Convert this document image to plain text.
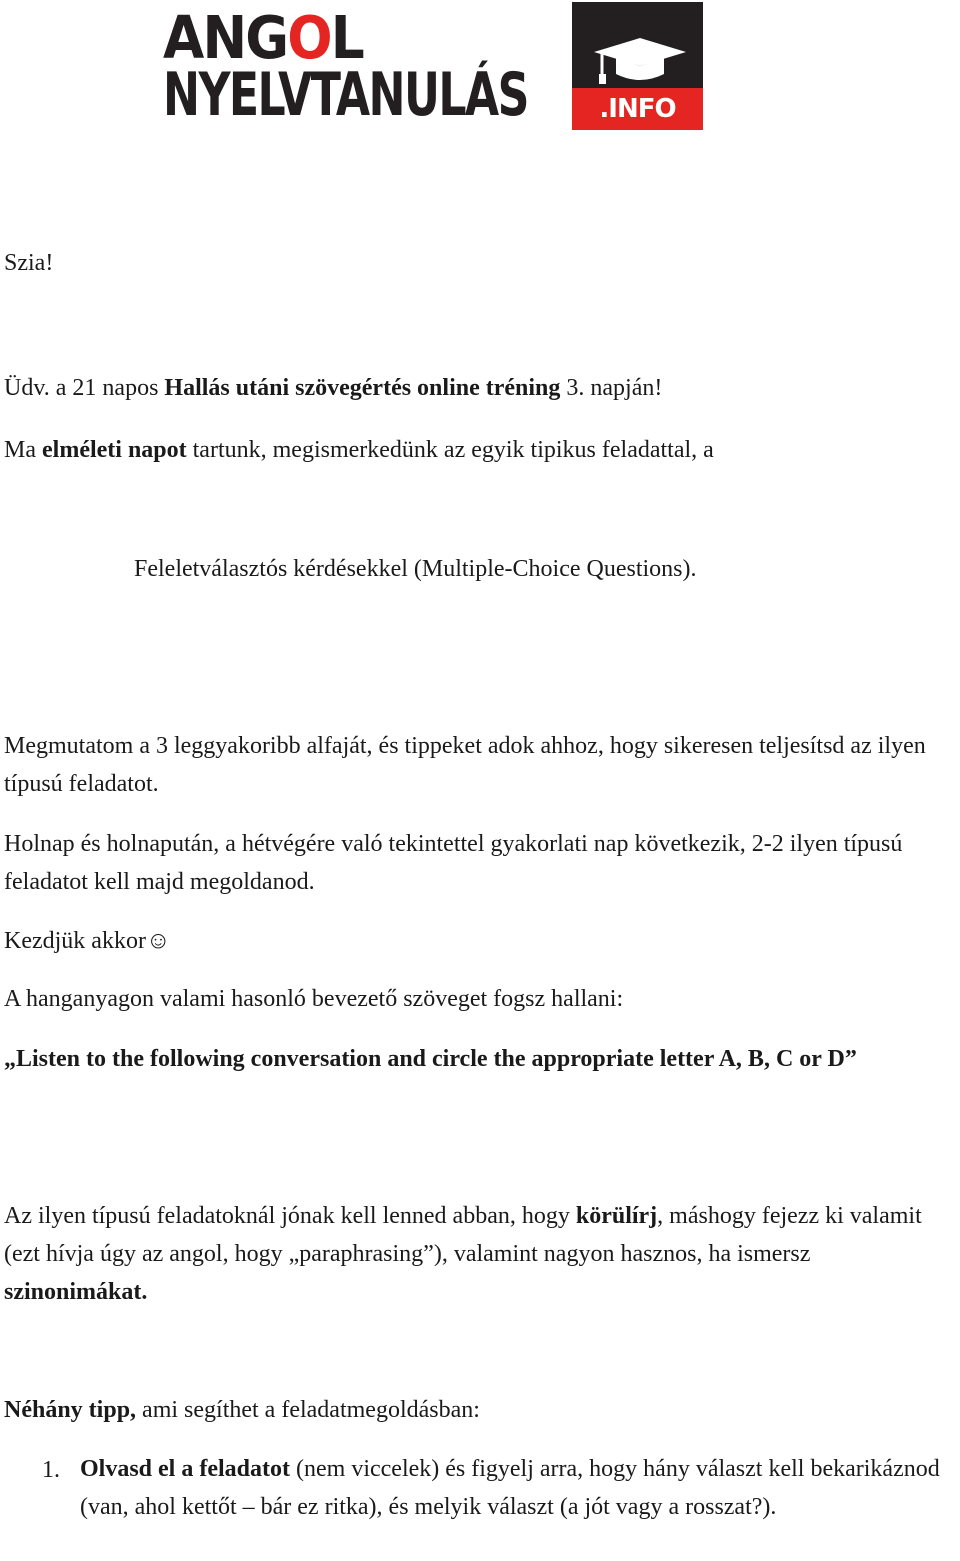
ANGOL
NYELVTANULÁS	.INFO

Szia!

Üdv. a 21 napos Hallás utáni szövegértés online tréning 3. napján!

Ma elméleti napot tartunk, megismerkedünk az egyik tipikus feladattal, a

Feleletválasztós kérdésekkel (Multiple-Choice Questions).

Megmutatom a 3 leggyakoribb alfaját, és tippeket adok ahhoz, hogy sikeresen teljesítsd az ilyen típusú feladatot.

Holnap és holnapután, a hétvégére való tekintettel gyakorlati nap következik, 2-2 ilyen típusú feladatot kell majd megoldanod.

Kezdjük akkor☺

A hanganyagon valami hasonló bevezető szöveget fogsz hallani:

„Listen to the following conversation and circle the appropriate letter A, B, C or D”

Az ilyen típusú feladatoknál jónak kell lenned abban, hogy körülírj, máshogy fejezz ki valamit (ezt hívja úgy az angol, hogy „paraphrasing”), valamint nagyon hasznos, ha ismersz szinonimákat.

Néhány tipp, ami segíthet a feladatmegoldásban:

1. Olvasd el a feladatot (nem viccelek) és figyelj arra, hogy hány választ kell bekarikáznod (van, ahol kettőt – bár ez ritka), és melyik választ (a jót vagy a rosszat?).
